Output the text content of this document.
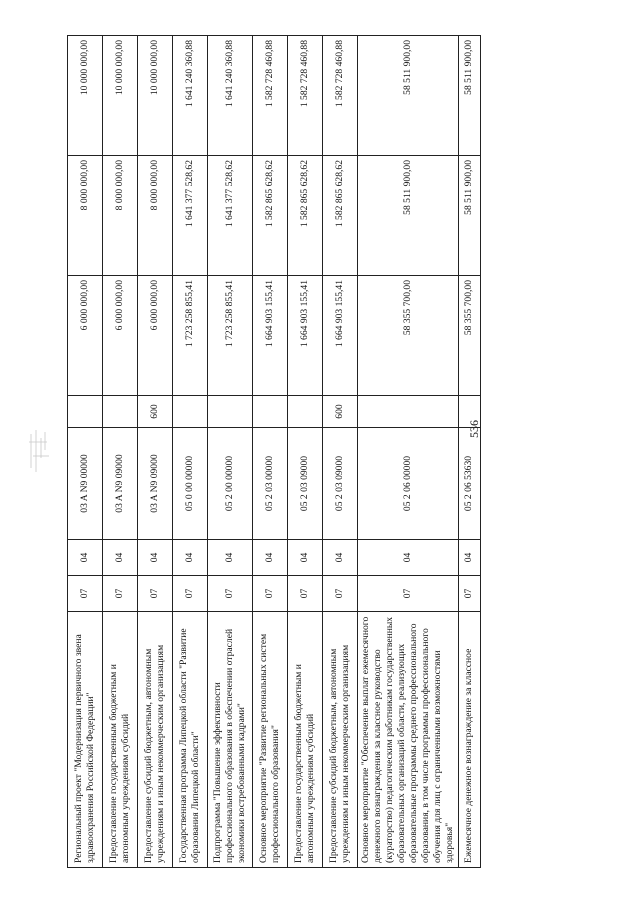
536
Региональный проект "Модернизация первичного звена здравоохранения Российской Федерации"	07	04	03 A N9 00000		6 000 000,00	8 000 000,00	10 000 000,00
Предоставление государственным бюджетным и автономным учреждениям субсидий	07	04	03 A N9 09000		6 000 000,00	8 000 000,00	10 000 000,00
Предоставление субсидий бюджетным, автономным учреждениям и иным некоммерческим организациям	07	04	03 A N9 09000	600	6 000 000,00	8 000 000,00	10 000 000,00
Государственная программа Липецкой области "Развитие образования Липецкой области"	07	04	05 0 00 00000		1 723 258 855,41	1 641 377 528,62	1 641 240 360,88
Подпрограмма "Повышение эффективности профессионального образования в обеспечении отраслей экономики востребованными кадрами"	07	04	05 2 00 00000		1 723 258 855,41	1 641 377 528,62	1 641 240 360,88
Основное мероприятие "Развитие региональных систем профессионального образования"	07	04	05 2 03 00000		1 664 903 155,41	1 582 865 628,62	1 582 728 460,88
Предоставление государственным бюджетным и автономным учреждениям субсидий	07	04	05 2 03 09000		1 664 903 155,41	1 582 865 628,62	1 582 728 460,88
Предоставление субсидий бюджетным, автономным учреждениям и иным некоммерческим организациям	07	04	05 2 03 09000	600	1 664 903 155,41	1 582 865 628,62	1 582 728 460,88
Основное мероприятие "Обеспечение выплат ежемесячного денежного вознаграждения за классное руководство (кураторство) педагогическим работникам государственных образовательных организаций области, реализующих образовательные программы среднего профессионального образования, в том числе программы профессионального обучения для лиц с ограниченными возможностями здоровья"	07	04	05 2 06 00000		58 355 700,00	58 511 900,00	58 511 900,00
Ежемесячное денежное вознаграждение за классное	07	04	05 2 06 53630		58 355 700,00	58 511 900,00	58 511 900,00
